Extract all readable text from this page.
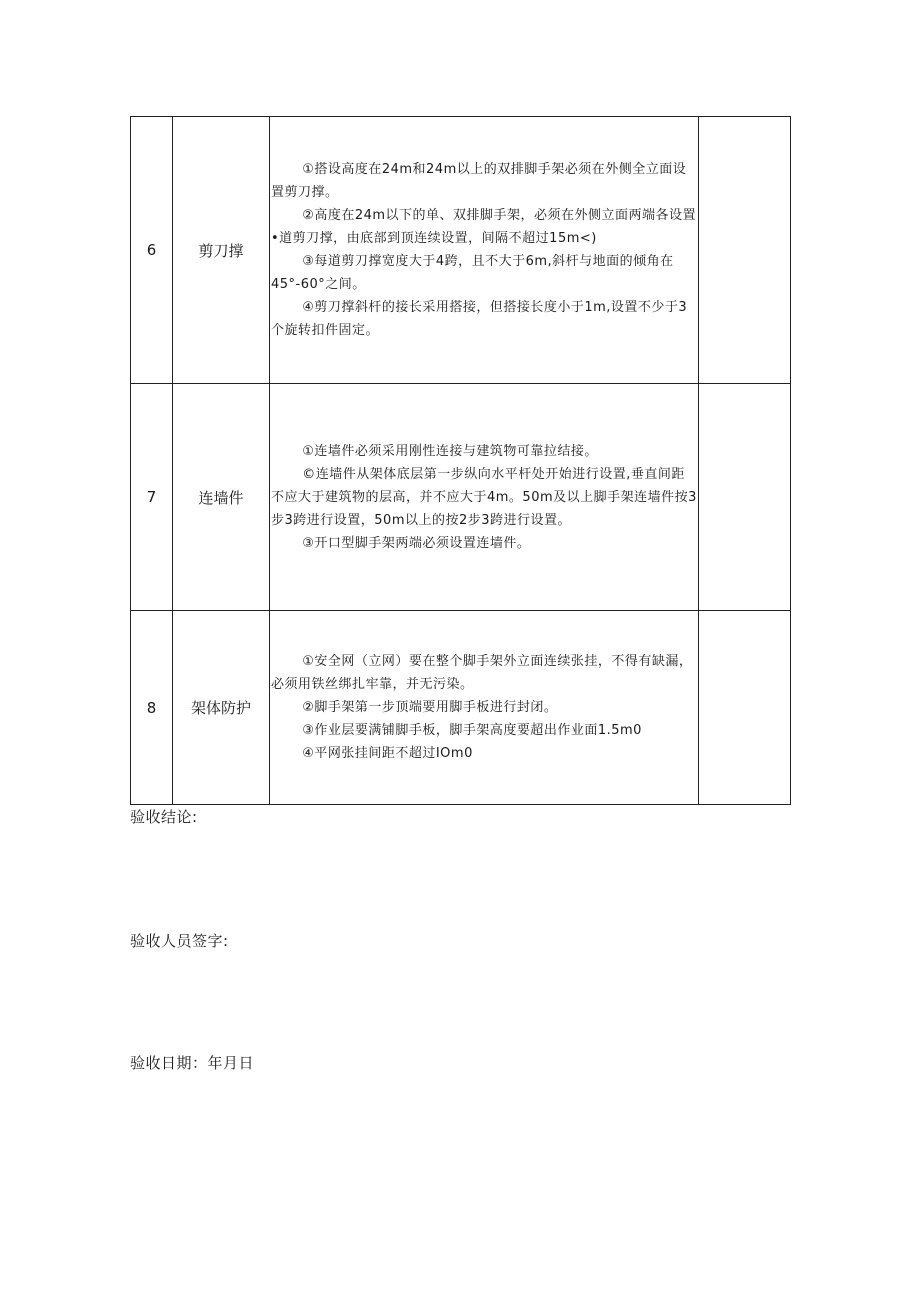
6	剪刀撑	①搭设高度在24m和24m以上的双排脚手架必须在外侧全立面设置剪刀撑。
②高度在24m以下的单、双排脚手架，必须在外侧立面两端各设置•道剪刀撑，由底部到顶连续设置，间隔不超过15m<)
③每道剪刀撑宽度大于4跨，且不大于6m,斜杆与地面的倾角在45°-60°之间。
④剪刀撑斜杆的接长采用搭接，但搭接长度小于1m,设置不少于3个旋转扣件固定。	

7	连墙件	①连墙件必须采用刚性连接与建筑物可靠拉结接。
©连墙件从架体底层第一步纵向水平杆处开始进行设置,垂直间距不应大于建筑物的层高，并不应大于4m。50m及以上脚手架连墙件按3步3跨进行设置，50m以上的按2步3跨进行设置。
③开口型脚手架两端必须设置连墙件。	

8	架体防护	①安全网（立网）要在整个脚手架外立面连续张挂，不得有缺漏，必须用铁丝绑扎牢靠，并无污染。
②脚手架第一步顶端要用脚手板进行封闭。
③作业层要满铺脚手板，脚手架高度要超出作业面1.5m0
④平网张挂间距不超过IOm0	

验收结论:
验收人员签字:
验收日期：年月日
